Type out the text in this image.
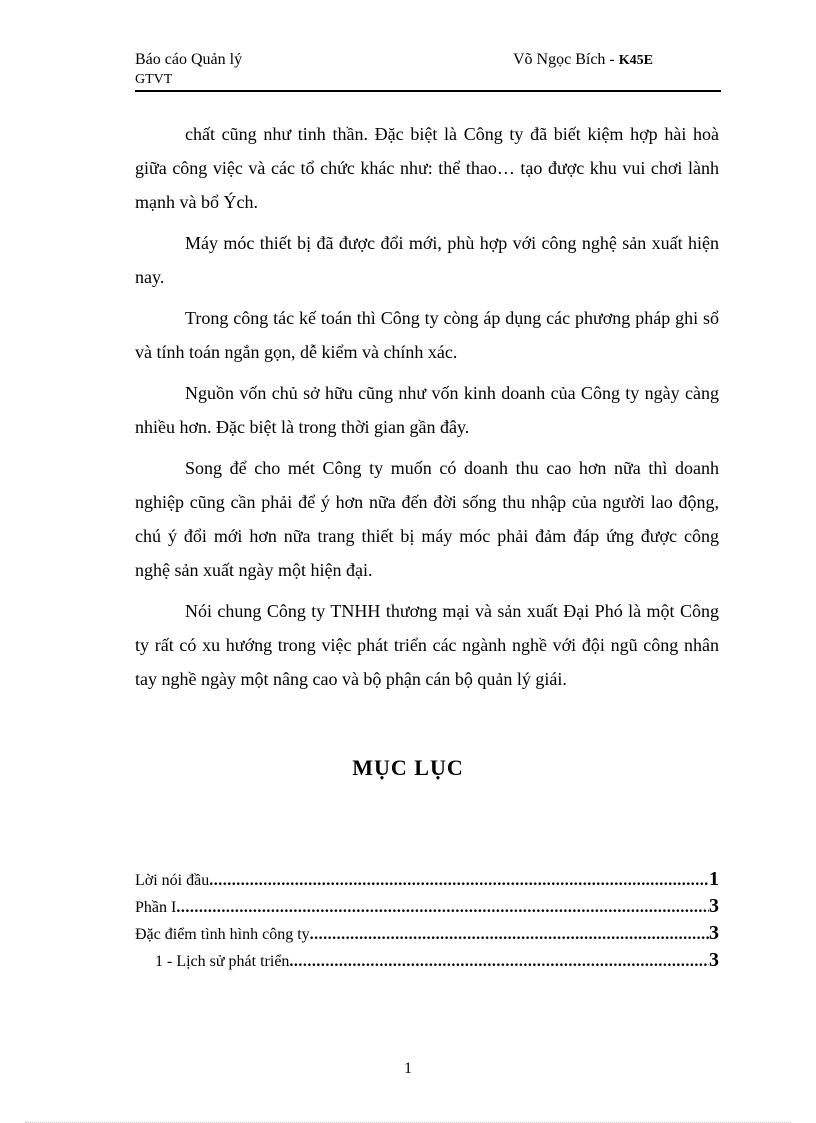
Báo cáo Quản lý
GTVT
Võ Ngọc Bích - K45E

chất cũng như tinh thần. Đặc biệt là Công ty đã biết kiệm hợp hài hoà giữa công việc và các tổ chức khác như: thể thao… tạo được khu vui chơi lành mạnh và bổ Ých.

Máy móc thiết bị đã được đổi mới, phù hợp với công nghệ sản xuất hiện nay.

Trong công tác kế toán thì Công ty còng áp dụng các phương pháp ghi sổ và tính toán ngắn gọn, dễ kiểm và chính xác.

Nguồn vốn chủ sở hữu cũng như vốn kinh doanh của Công ty ngày càng nhiều hơn. Đặc biệt là trong thời gian gần đây.

Song để cho mét Công ty muốn có doanh thu cao hơn nữa thì doanh nghiệp cũng cần phải để ý hơn nữa đến đời sống thu nhập của người lao động, chú ý đổi mới hơn nữa trang thiết bị máy móc phải đảm đáp ứng được công nghệ sản xuất ngày một hiện đại.

Nói chung Công ty TNHH thương mại và sản xuất Đại Phó là một Công ty rất có xu hướng trong việc phát triển các ngành nghề với đội ngũ công nhân tay nghề ngày một nâng cao và bộ phận cán bộ quản lý giái.

MỤC LỤC
Lời nói đầu .....	1
Phần I .....	3
Đặc điểm tình hình công ty .....	3
1 - Lịch sử phát triển .....	3
1
